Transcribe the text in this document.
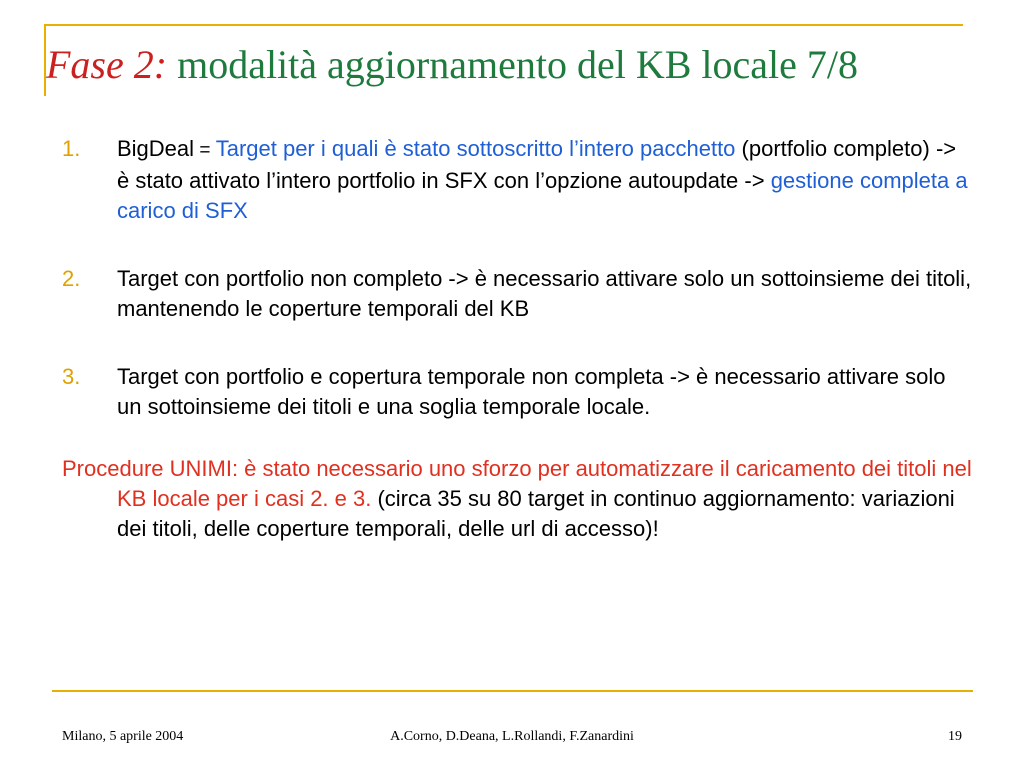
Fase 2: modalità aggiornamento del KB locale 7/8
1.	BigDeal = Target per i quali è stato sottoscritto l’intero pacchetto (portfolio completo) -> è stato attivato l’intero portfolio in SFX con l’opzione autoupdate -> gestione completa a carico di SFX
2.	Target con portfolio non completo -> è necessario attivare solo un sottoinsieme dei titoli, mantenendo le coperture temporali del KB
3.	Target con portfolio e copertura temporale non completa -> è necessario attivare solo un sottoinsieme dei titoli e una soglia temporale locale.
Procedure UNIMI: è stato necessario uno sforzo per automatizzare il caricamento dei titoli nel KB locale per i casi 2. e 3. (circa 35 su 80 target in continuo aggiornamento: variazioni dei titoli, delle coperture temporali, delle url di accesso)!
Milano, 5 aprile 2004	A.Corno, D.Deana, L.Rollandi, F.Zanardini	19
